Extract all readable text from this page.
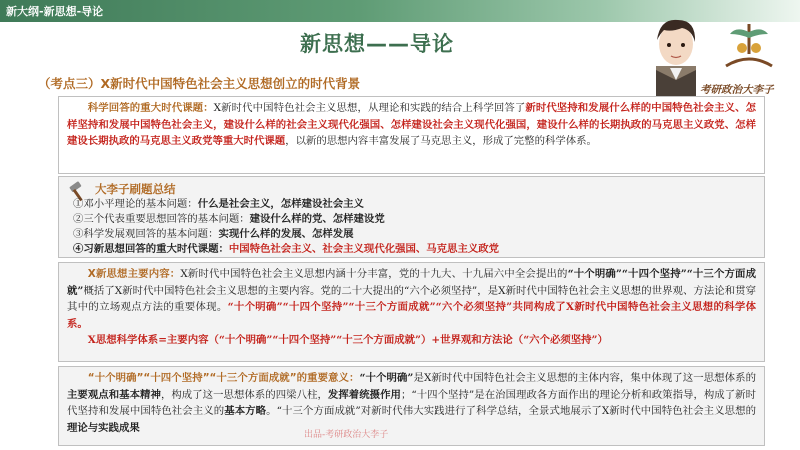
新大纲-新思想-导论
新思想——导论
考研政治大李子
（考点三）X新时代中国特色社会主义思想创立的时代背景

科学回答的重大时代课题：X新时代中国特色社会主义思想，从理论和实践的结合上科学回答了新时代坚持和发展什么样的中国特色社会主义、怎样坚持和发展中国特色社会主义，建设什么样的社会主义现代化强国、怎样建设社会主义现代化强国，建设什么样的长期执政的马克思主义政党、怎样建设长期执政的马克思主义政党等重大时代课题，以新的思想内容丰富发展了马克思主义，形成了完整的科学体系。

大李子刷题总结
①邓小平理论的基本问题：什么是社会主义，怎样建设社会主义
②三个代表重要思想回答的基本问题：建设什么样的党、怎样建设党
③科学发展观回答的基本问题：实现什么样的发展、怎样发展
④习新思想回答的重大时代课题：中国特色社会主义、社会主义现代化强国、马克思主义政党

X新思想主要内容：X新时代中国特色社会主义思想内涵十分丰富，党的十九大、十九届六中全会提出的“十个明确”“十四个坚持”“十三个方面成就”概括了X新时代中国特色社会主义思想的主要内容。党的二十大提出的“六个必须坚持”，是X新时代中国特色社会主义思想的世界观、方法论和贯穿其中的立场观点方法的重要体现。“十个明确”“十四个坚持”“十三个方面成就”“六个必须坚持”共同构成了X新时代中国特色社会主义思想的科学体系。

X思想科学体系=主要内容（“十个明确”“十四个坚持”“十三个方面成就”）+世界观和方法论（“六个必须坚持”）

“十个明确”“十四个坚持”“十三个方面成就”的重要意义：“十个明确”是X新时代中国特色社会主义思想的主体内容，集中体现了这一思想体系的主要观点和基本精神，构成了这一思想体系的四梁八柱，发挥着统摄作用；“十四个坚持”是在治国理政各方面作出的理论分析和政策指导，构成了新时代坚持和发展中国特色社会主义的基本方略。“十三个方面成就”对新时代伟大实践进行了科学总结，全景式地展示了X新时代中国特色社会主义思想的理论与实践成果

出品-考研政治大李子
